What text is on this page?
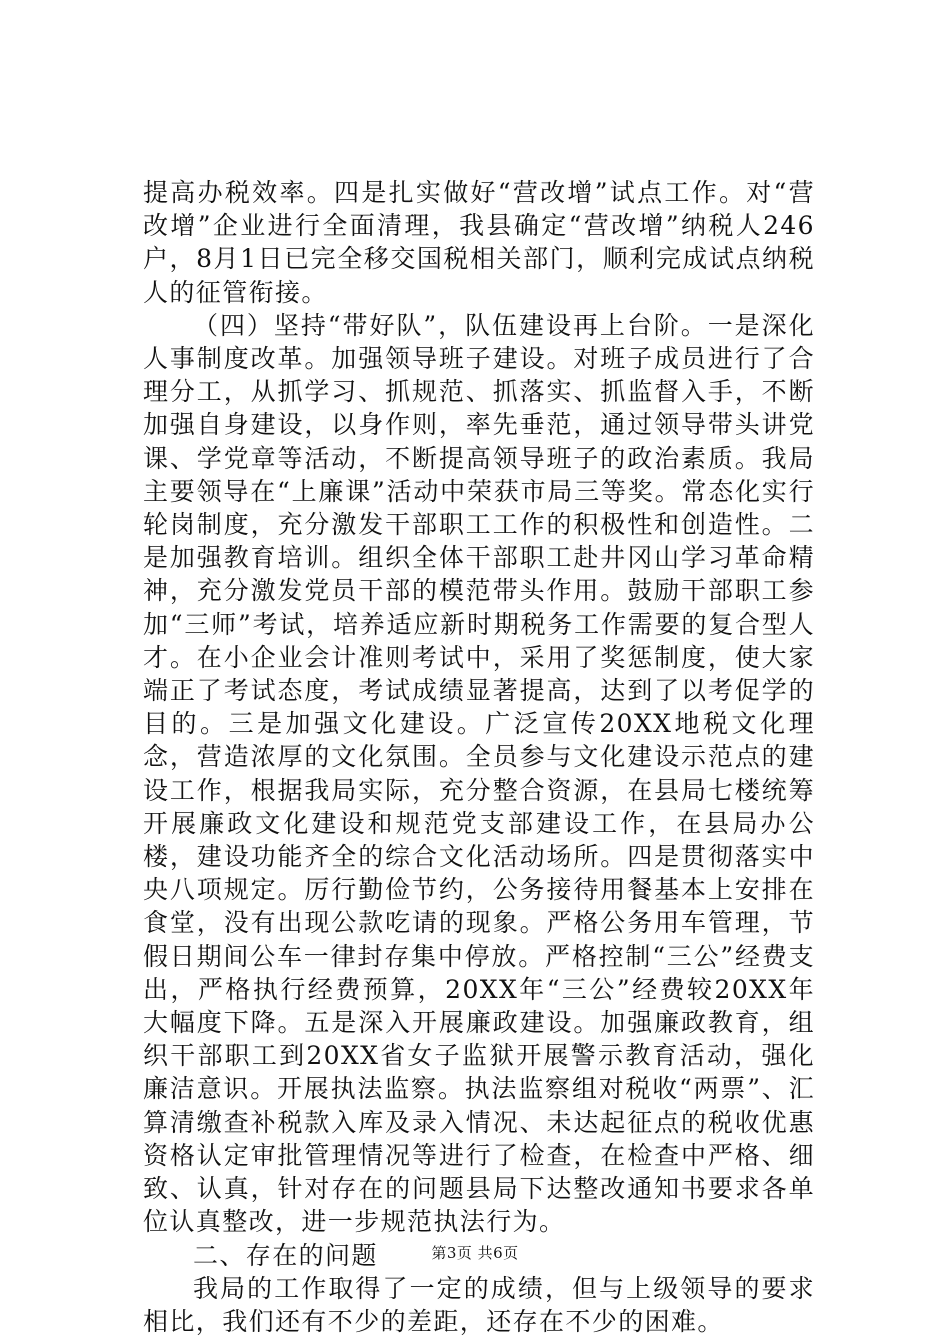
提高办税效率。四是扎实做好“营改增”试点工作。对“营改增”企业进行全面清理，我县确定“营改增”纳税人246户，8月1日已完全移交国税相关部门，顺利完成试点纳税人的征管衔接。

（四）坚持“带好队”，队伍建设再上台阶。一是深化人事制度改革。加强领导班子建设。对班子成员进行了合理分工，从抓学习、抓规范、抓落实、抓监督入手，不断加强自身建设，以身作则，率先垂范，通过领导带头讲党课、学党章等活动，不断提高领导班子的政治素质。我局主要领导在“上廉课”活动中荣获市局三等奖。常态化实行轮岗制度，充分激发干部职工工作的积极性和创造性。二是加强教育培训。组织全体干部职工赴井冈山学习革命精神，充分激发党员干部的模范带头作用。鼓励干部职工参加“三师”考试，培养适应新时期税务工作需要的复合型人才。在小企业会计准则考试中，采用了奖惩制度，使大家端正了考试态度，考试成绩显著提高，达到了以考促学的目的。三是加强文化建设。广泛宣传20XX地税文化理念，营造浓厚的文化氛围。全员参与文化建设示范点的建设工作，根据我局实际，充分整合资源，在县局七楼统筹开展廉政文化建设和规范党支部建设工作，在县局办公楼，建设功能齐全的综合文化活动场所。四是贯彻落实中央八项规定。厉行勤俭节约，公务接待用餐基本上安排在食堂，没有出现公款吃请的现象。严格公务用车管理，节假日期间公车一律封存集中停放。严格控制“三公”经费支出，严格执行经费预算，20XX年“三公”经费较20XX年大幅度下降。五是深入开展廉政建设。加强廉政教育，组织干部职工到20XX省女子监狱开展警示教育活动，强化廉洁意识。开展执法监察。执法监察组对税收“两票”、汇算清缴查补税款入库及录入情况、未达起征点的税收优惠资格认定审批管理情况等进行了检查，在检查中严格、细致、认真，针对存在的问题县局下达整改通知书要求各单位认真整改，进一步规范执法行为。

二、存在的问题

我局的工作取得了一定的成绩，但与上级领导的要求相比，我们还有不少的差距，还存在不少的困难。

第3页 共6页
